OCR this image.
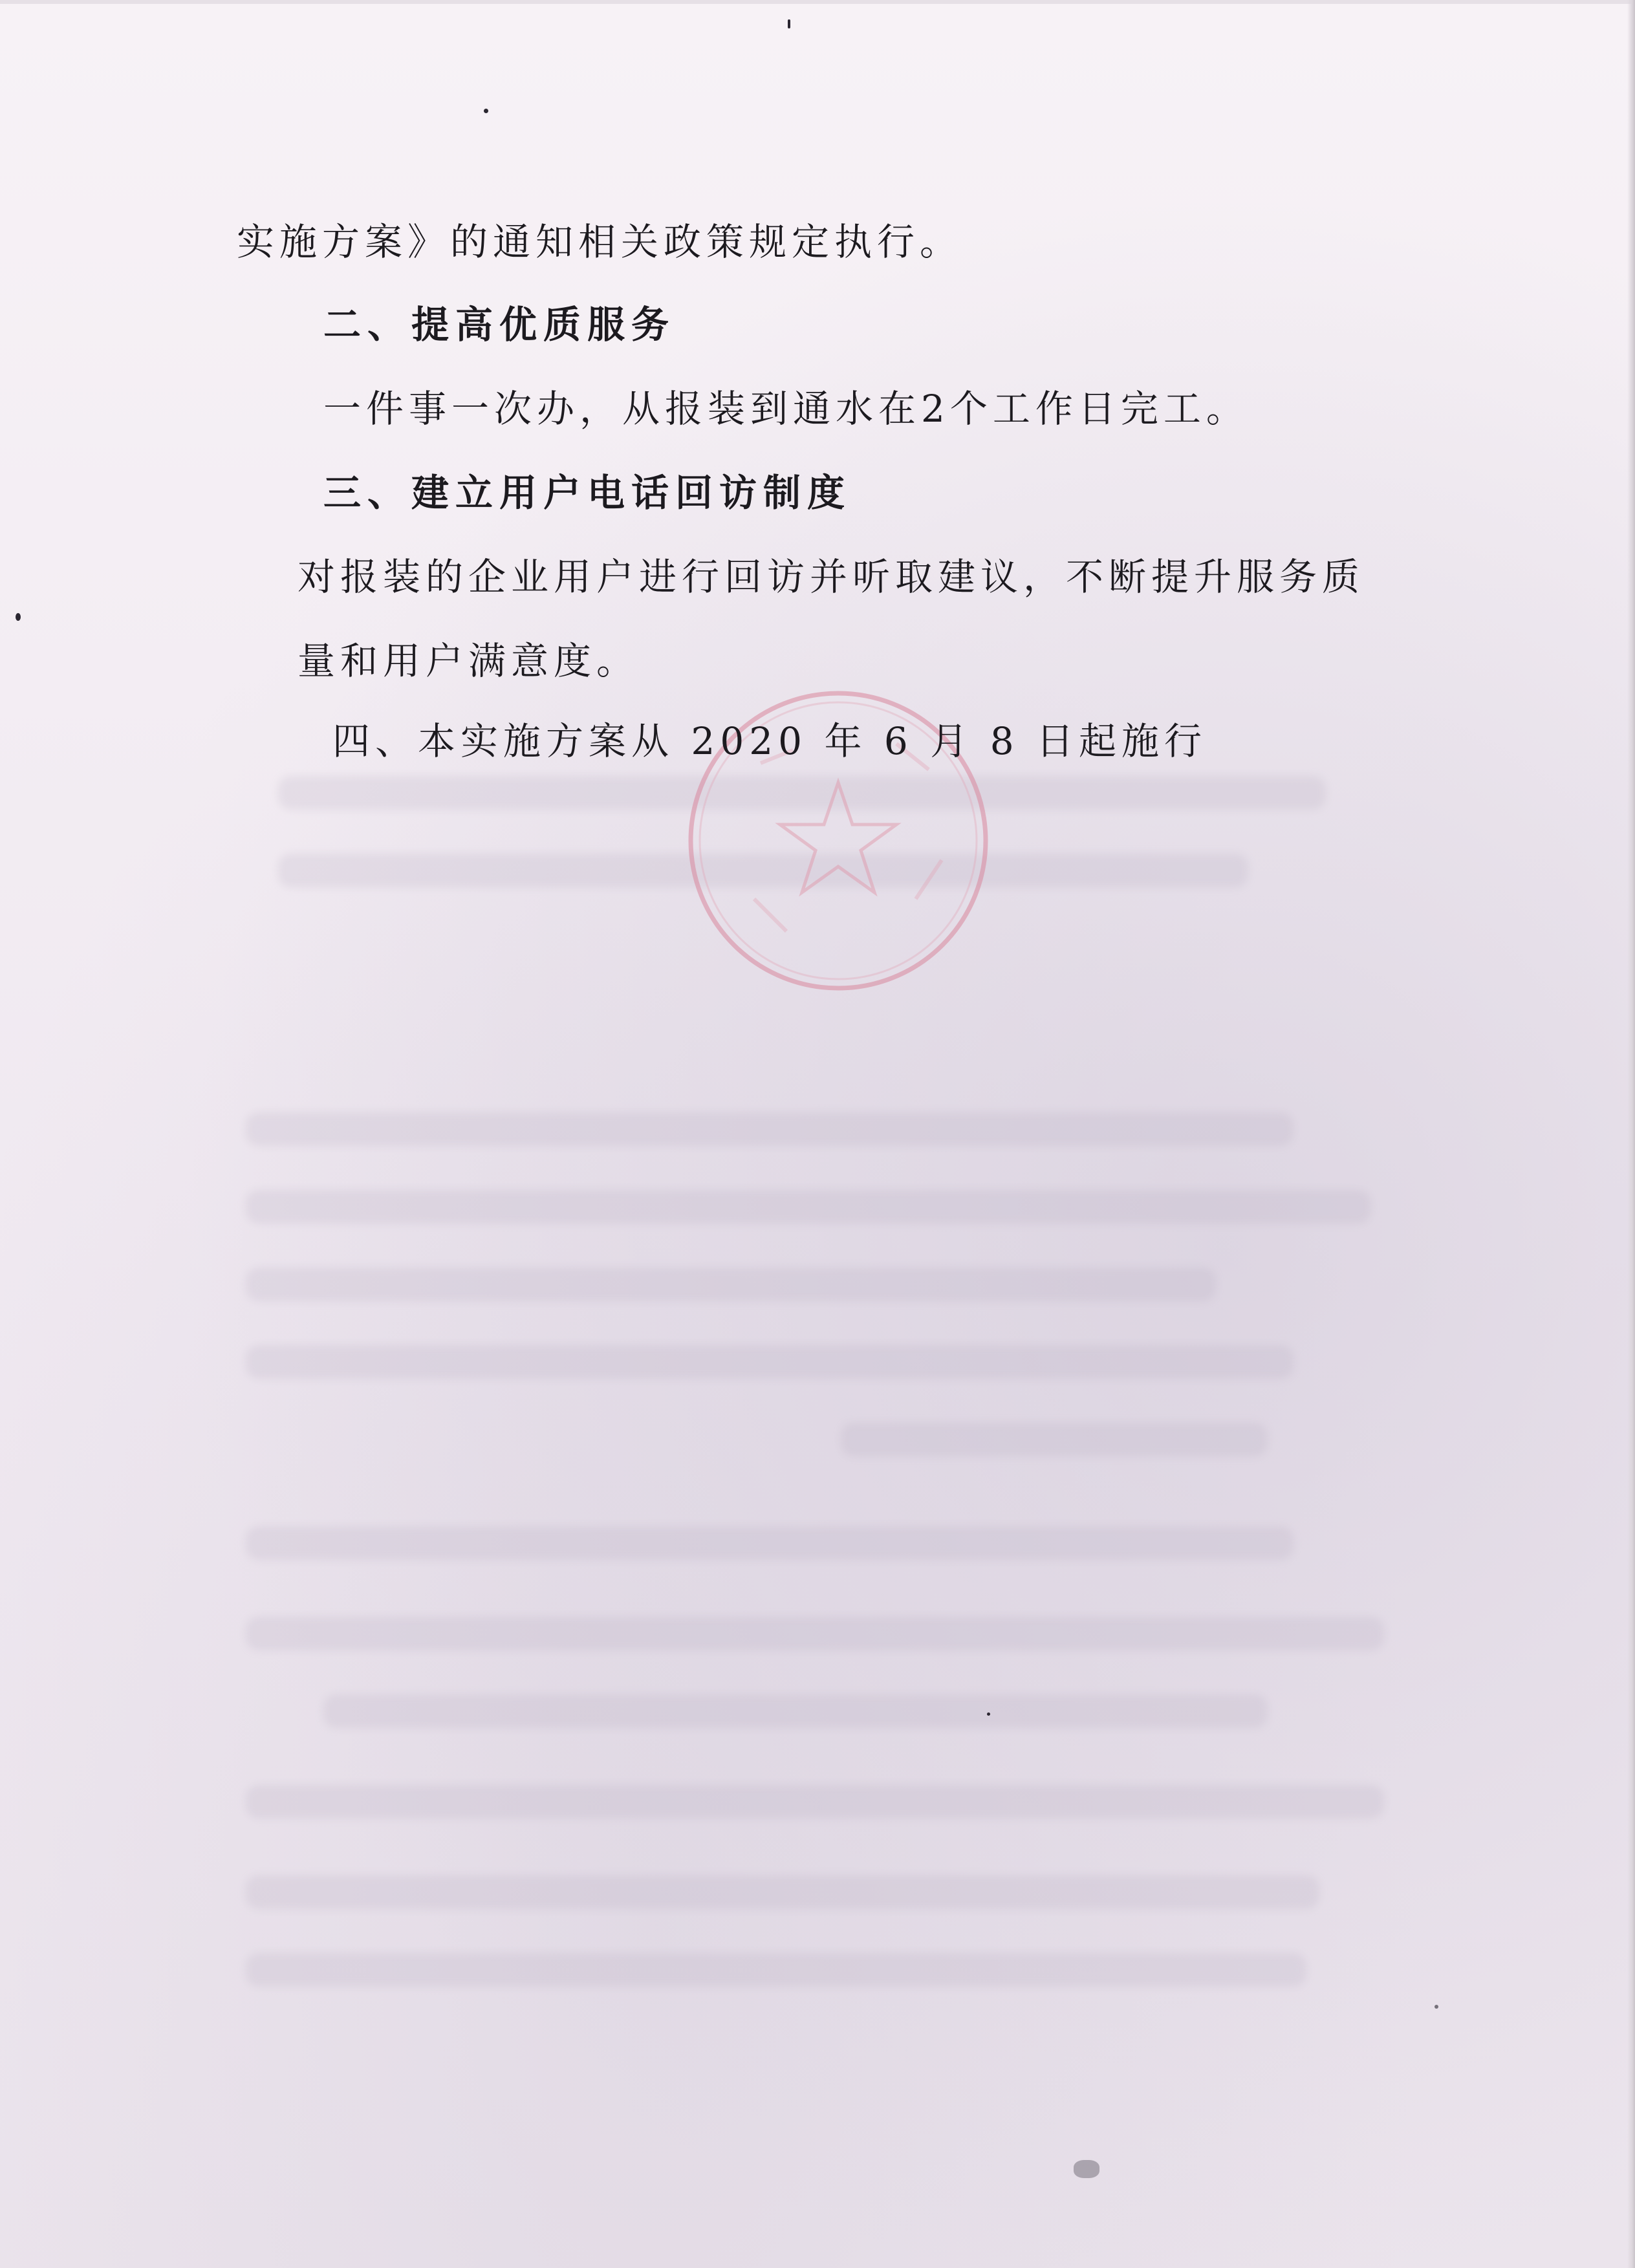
实施方案》的通知相关政策规定执行。
二、提高优质服务
一件事一次办，从报装到通水在2个工作日完工。
三、建立用户电话回访制度
对报装的企业用户进行回访并听取建议，不断提升服务质
量和用户满意度。
四、本实施方案从 2020 年 6 月 8 日起施行
